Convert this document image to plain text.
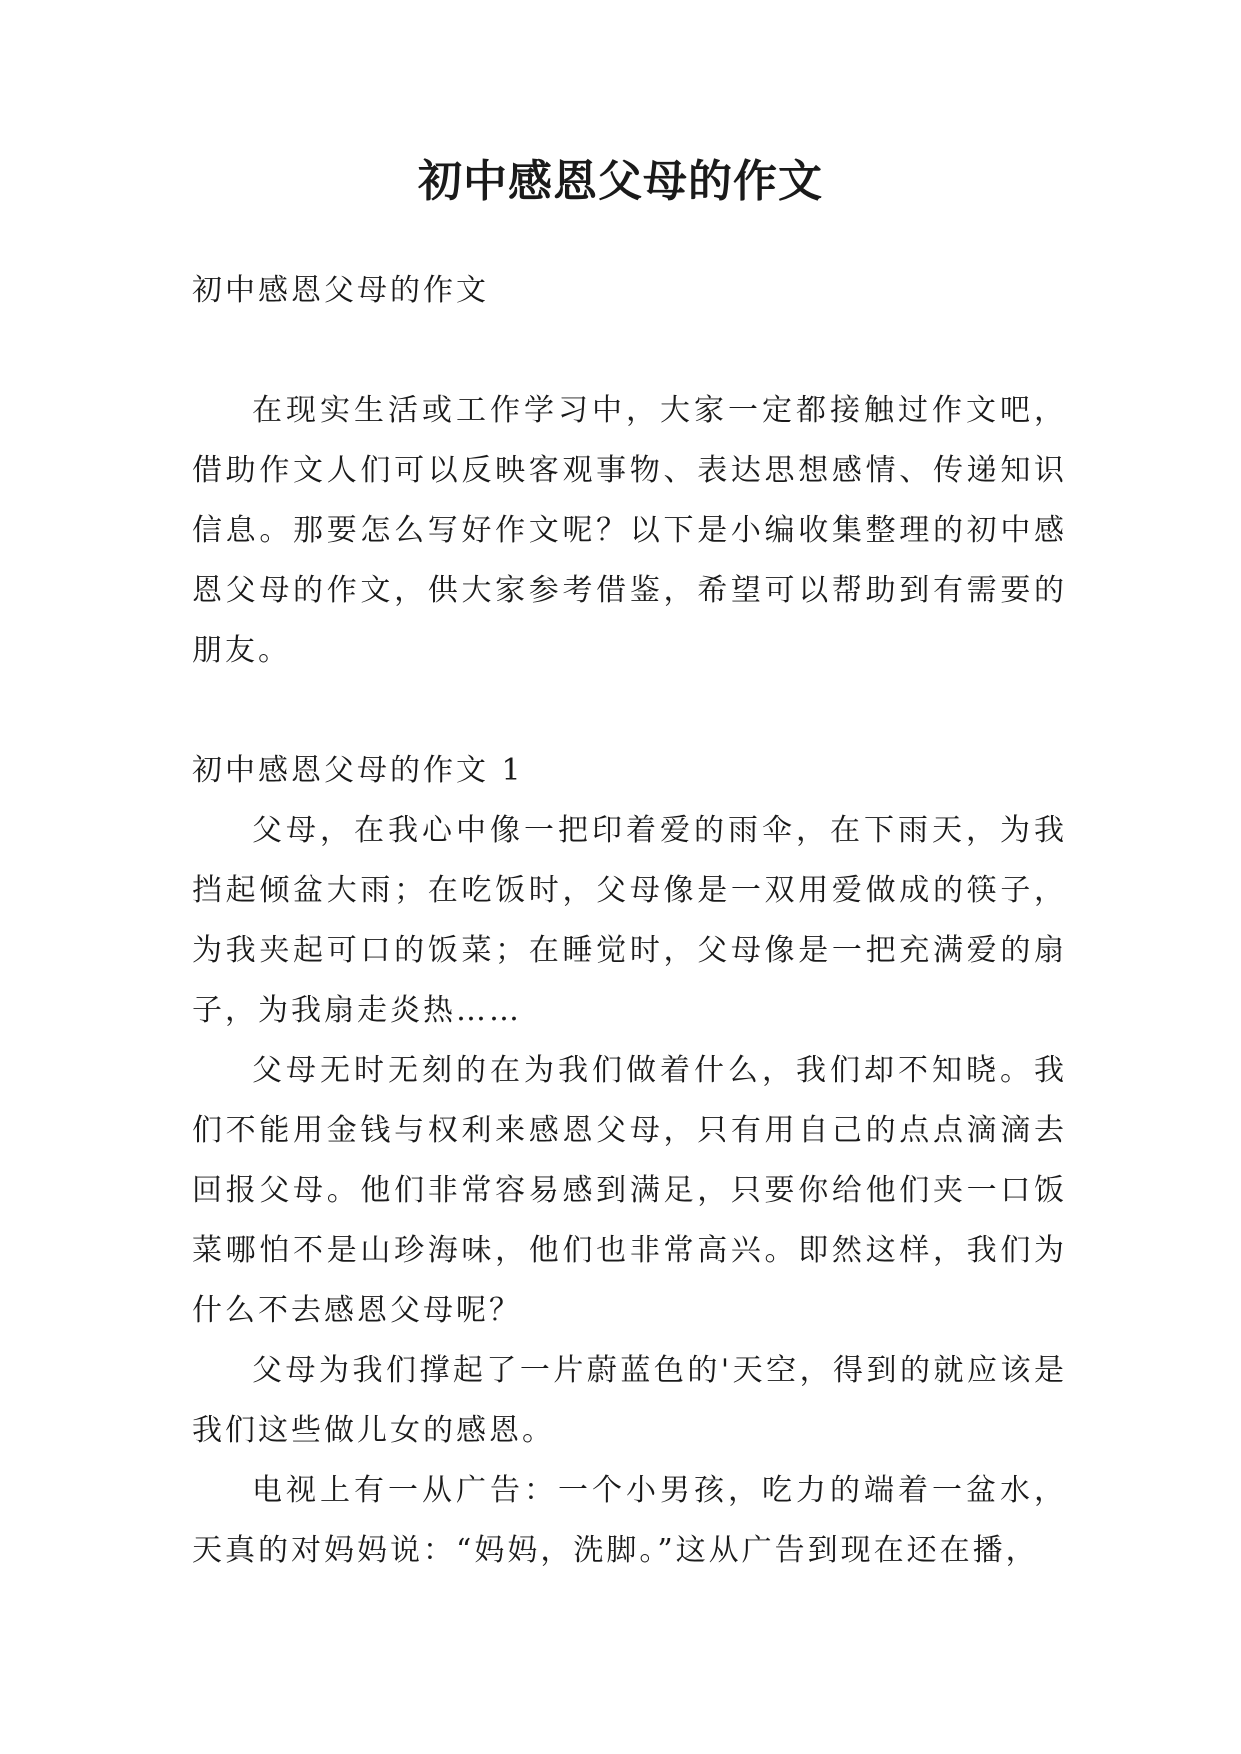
初中感恩父母的作文

初中感恩父母的作文

在现实生活或工作学习中，大家一定都接触过作文吧，借助作文人们可以反映客观事物、表达思想感情、传递知识信息。那要怎么写好作文呢？以下是小编收集整理的初中感恩父母的作文，供大家参考借鉴，希望可以帮助到有需要的朋友。

初中感恩父母的作文 1

父母，在我心中像一把印着爱的雨伞，在下雨天，为我挡起倾盆大雨；在吃饭时，父母像是一双用爱做成的筷子，为我夹起可口的饭菜；在睡觉时，父母像是一把充满爱的扇子，为我扇走炎热……

父母无时无刻的在为我们做着什么，我们却不知晓。我们不能用金钱与权利来感恩父母，只有用自己的点点滴滴去回报父母。他们非常容易感到满足，只要你给他们夹一口饭菜哪怕不是山珍海味，他们也非常高兴。即然这样，我们为什么不去感恩父母呢？

父母为我们撑起了一片蔚蓝色的'天空，得到的就应该是我们这些做儿女的感恩。

电视上有一从广告：一个小男孩，吃力的端着一盆水，天真的对妈妈说：“妈妈，洗脚。”这从广告到现在还在播，
